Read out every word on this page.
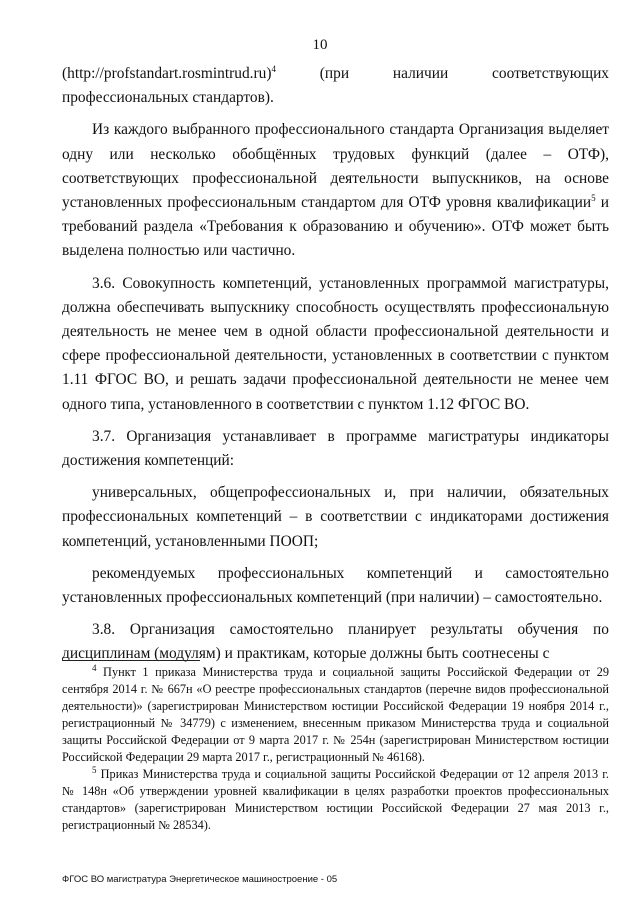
10

(http://profstandart.rosmintrud.ru)$^4$ (при наличии соответствующих профессиональных стандартов).

Из каждого выбранного профессионального стандарта Организация выделяет одну или несколько обобщённых трудовых функций (далее – ОТФ), соответствующих профессиональной деятельности выпускников, на основе установленных профессиональным стандартом для ОТФ уровня квалификации$^5$ и требований раздела «Требования к образованию и обучению». ОТФ может быть выделена полностью или частично.

3.6. Совокупность компетенций, установленных программой магистратуры, должна обеспечивать выпускнику способность осуществлять профессиональную деятельность не менее чем в одной области профессиональной деятельности и сфере профессиональной деятельности, установленных в соответствии с пунктом 1.11 ФГОС ВО, и решать задачи профессиональной деятельности не менее чем одного типа, установленного в соответствии с пунктом 1.12 ФГОС ВО.

3.7. Организация устанавливает в программе магистратуры индикаторы достижения компетенций:

универсальных, общепрофессиональных и, при наличии, обязательных профессиональных компетенций – в соответствии с индикаторами достижения компетенций, установленными ПООП;

рекомендуемых профессиональных компетенций и самостоятельно установленных профессиональных компетенций (при наличии) – самостоятельно.

3.8. Организация самостоятельно планирует результаты обучения по дисциплинам (модулям) и практикам, которые должны быть соотнесены с

$^4$ Пункт 1 приказа Министерства труда и социальной защиты Российской Федерации от 29 сентября 2014 г. № 667н «О реестре профессиональных стандартов (перечне видов профессиональной деятельности)» (зарегистрирован Министерством юстиции Российской Федерации 19 ноября 2014 г., регистрационный № 34779) с изменением, внесенным приказом Министерства труда и социальной защиты Российской Федерации от 9 марта 2017 г. № 254н (зарегистрирован Министерством юстиции Российской Федерации 29 марта 2017 г., регистрационный № 46168).

$^5$ Приказ Министерства труда и социальной защиты Российской Федерации от 12 апреля 2013 г. № 148н «Об утверждении уровней квалификации в целях разработки проектов профессиональных стандартов» (зарегистрирован Министерством юстиции Российской Федерации 27 мая 2013 г., регистрационный № 28534).

ФГОС ВО магистратура Энергетическое машиностроение - 05
